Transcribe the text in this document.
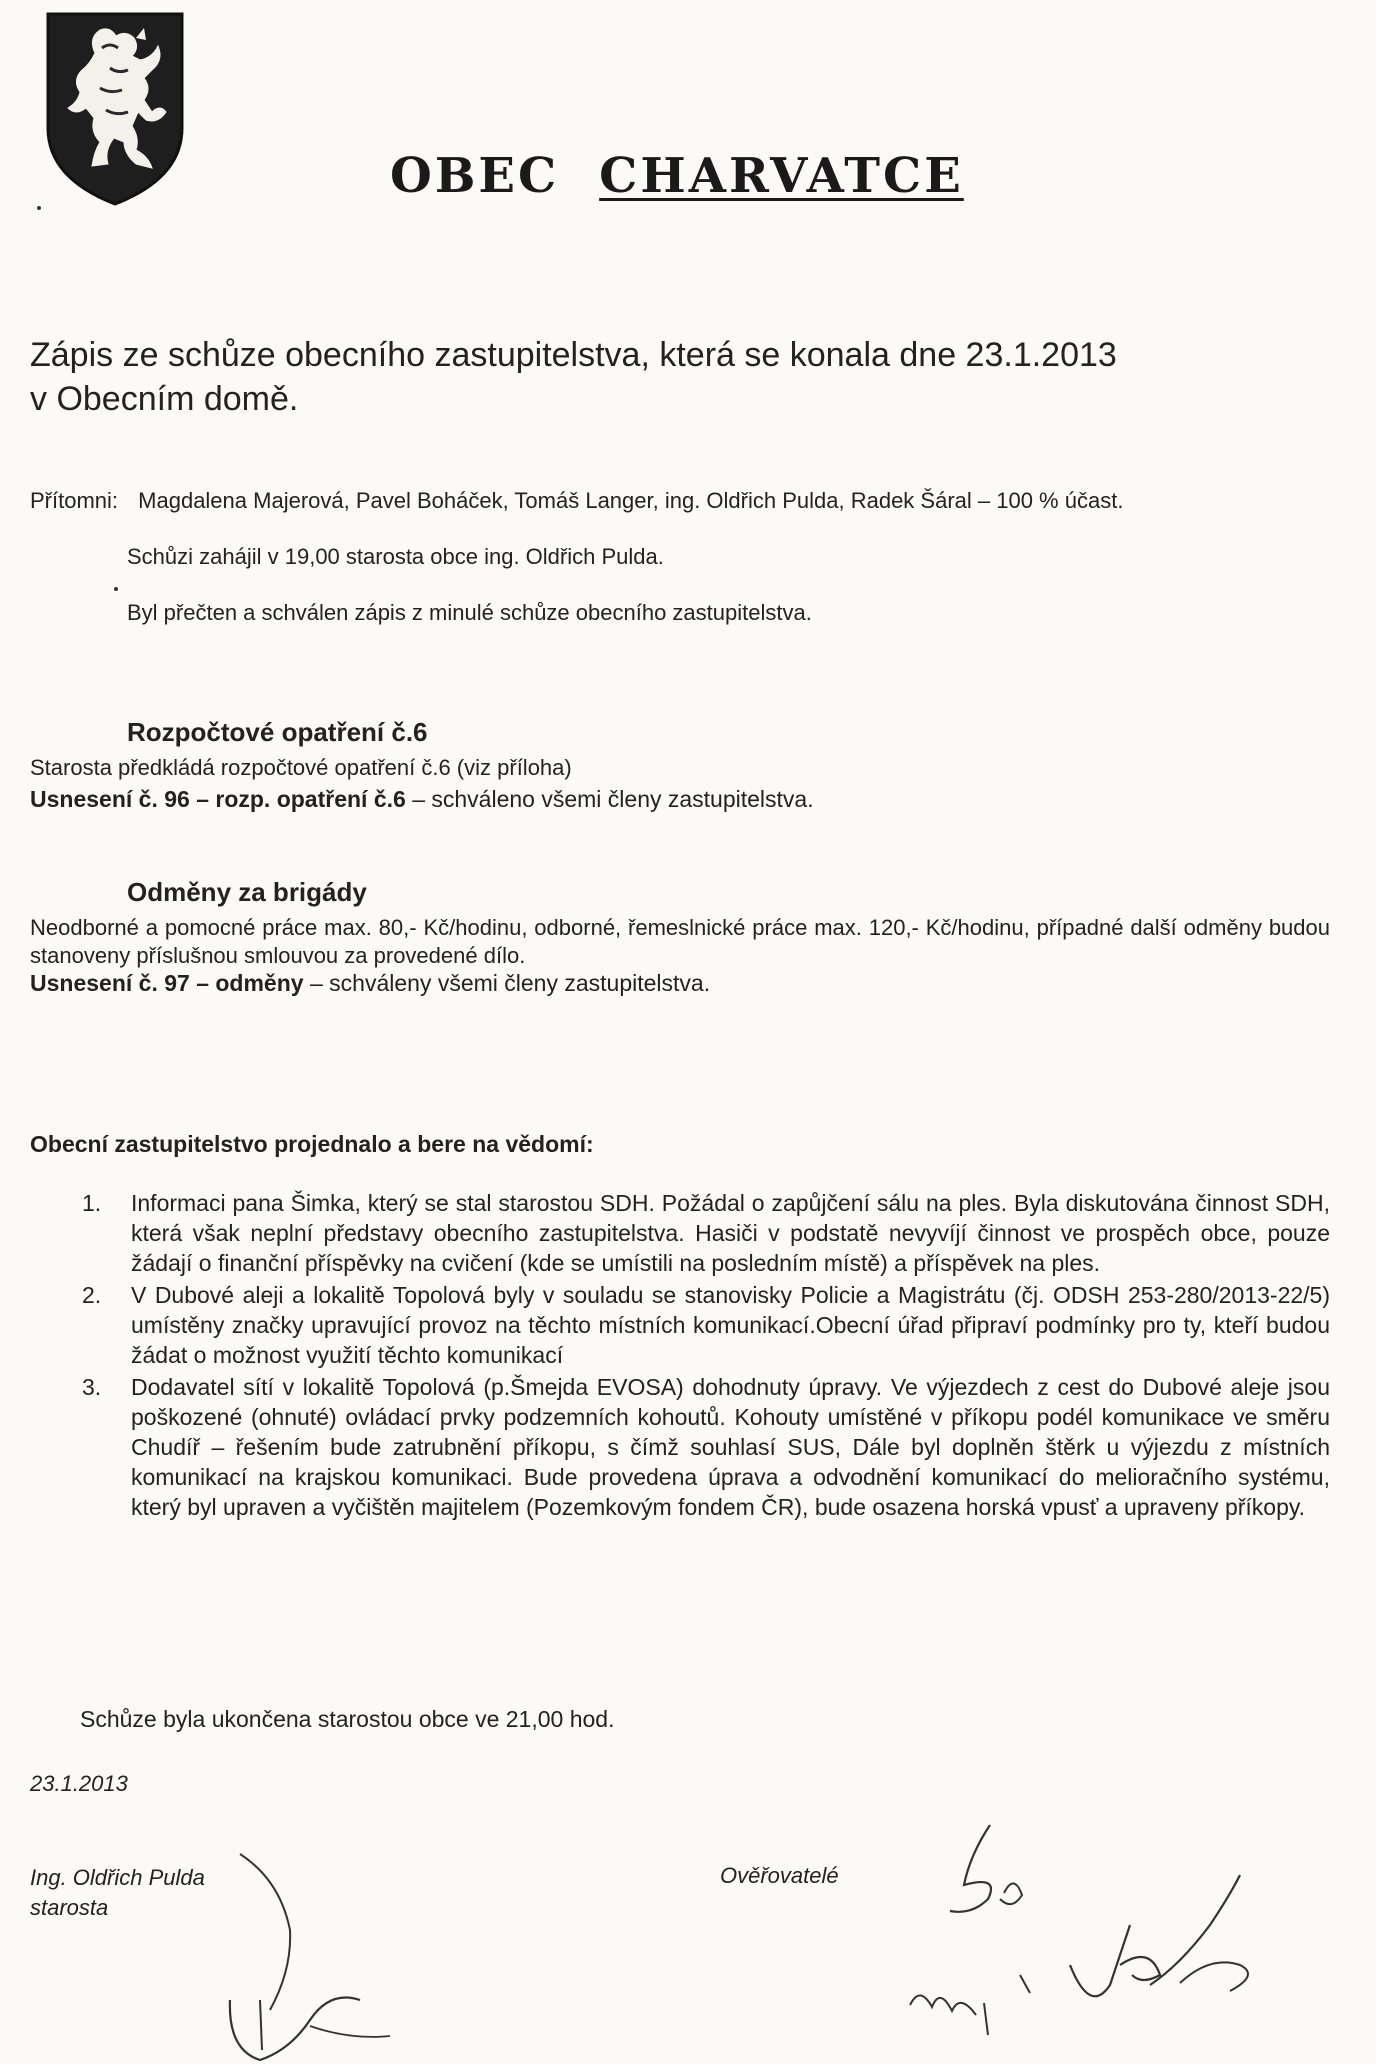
OBEC CHARVATCE
Zápis ze schůze obecního zastupitelstva, která se konala dne 23.1.2013
v Obecním domě.
Přítomni: Magdalena Majerová, Pavel Boháček, Tomáš Langer, ing. Oldřich Pulda, Radek Šáral – 100 % účast.
Schůzi zahájil v 19,00 starosta obce ing. Oldřich Pulda.
Byl přečten a schválen zápis z minulé schůze obecního zastupitelstva.
Rozpočtové opatření č.6
Starosta předkládá rozpočtové opatření č.6 (viz příloha)
Usnesení č. 96 – rozp. opatření č.6 – schváleno všemi členy zastupitelstva.
Odměny za brigády
Neodborné a pomocné práce max. 80,- Kč/hodinu, odborné, řemeslnické práce max. 120,- Kč/hodinu, případné další odměny budou stanoveny příslušnou smlouvou za provedené dílo.
Usnesení č. 97 – odměny – schváleny všemi členy zastupitelstva.
Obecní zastupitelstvo projednalo a bere na vědomí:
1. Informaci pana Šimka, který se stal starostou SDH. Požádal o zapůjčení sálu na ples. Byla diskutována činnost SDH, která však neplní představy obecního zastupitelstva. Hasiči v podstatě nevyvíjí činnost ve prospěch obce, pouze žádají o finanční příspěvky na cvičení (kde se umístili na posledním místě) a příspěvek na ples.
2. V Dubové aleji a lokalitě Topolová byly v souladu se stanovisky Policie a Magistrátu (čj. ODSH 253-280/2013-22/5) umístěny značky upravující provoz na těchto místních komunikací.Obecní úřad připraví podmínky pro ty, kteří budou žádat o možnost využití těchto komunikací
3. Dodavatel sítí v lokalitě Topolová (p.Šmejda EVOSA) dohodnuty úpravy. Ve výjezdech z cest do Dubové aleje jsou poškozené (ohnuté) ovládací prvky podzemních kohoutů. Kohouty umístěné v příkopu podél komunikace ve směru Chudíř – řešením bude zatrubnění příkopu, s čímž souhlasí SUS, Dále byl doplněn štěrk u výjezdu z místních komunikací na krajskou komunikaci. Bude provedena úprava a odvodnění komunikací do melioračního systému, který byl upraven a vyčištěn majitelem (Pozemkovým fondem ČR), bude osazena horská vpusť a upraveny příkopy.
Schůze byla ukončena starostou obce ve 21,00 hod.
23.1.2013
Ing. Oldřich Pulda
starosta
Ověřovatelé
